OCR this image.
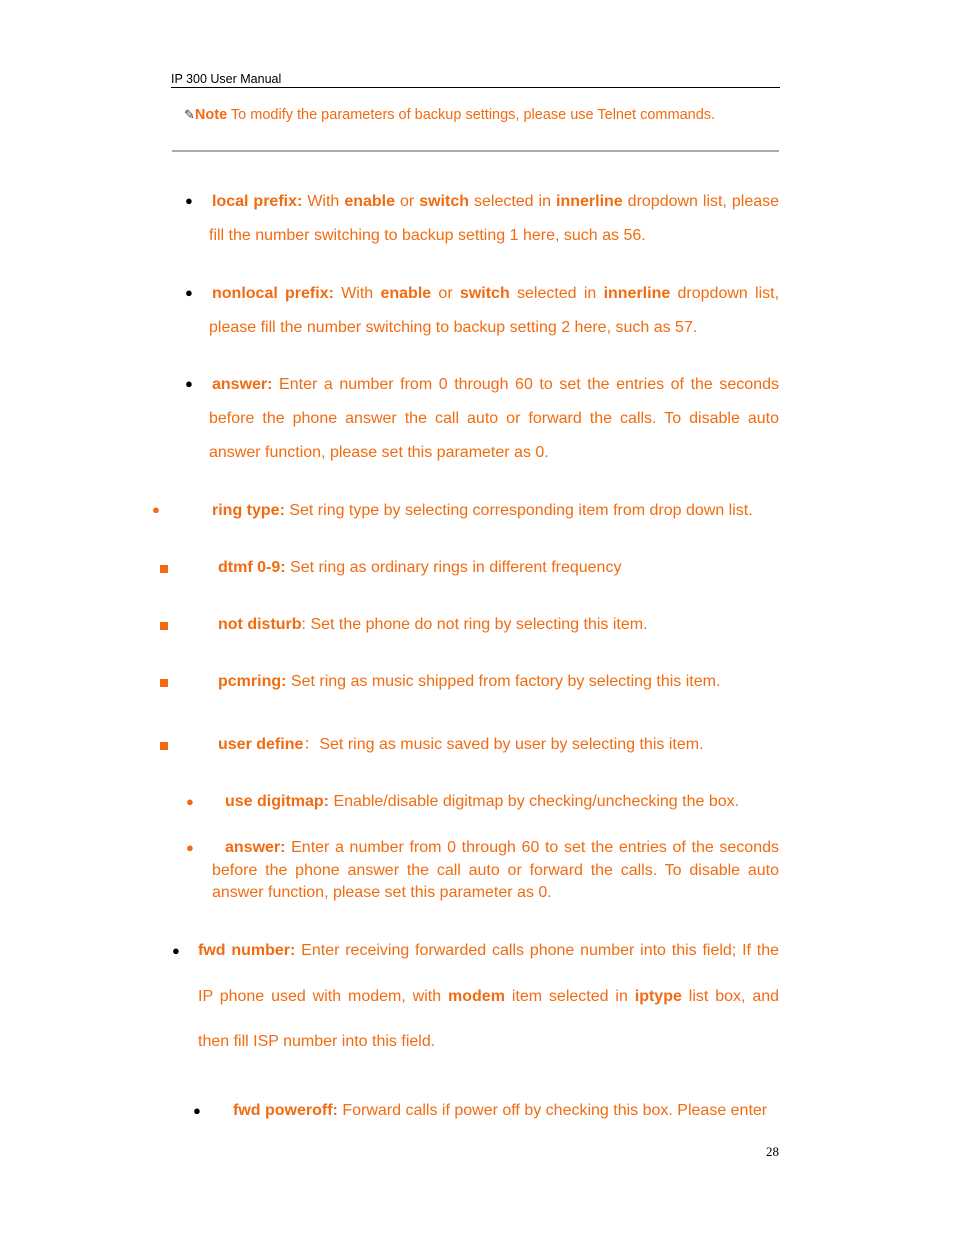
IP 300 User Manual
✎Note To modify the parameters of backup settings, please use Telnet commands.
● local prefix: With enable or switch selected in innerline dropdown list, please fill the number switching to backup setting 1 here, such as 56.
● nonlocal prefix: With enable or switch selected in innerline dropdown list, please fill the number switching to backup setting 2 here, such as 57.
● answer: Enter a number from 0 through 60 to set the entries of the seconds before the phone answer the call auto or forward the calls. To disable auto answer function, please set this parameter as 0.
●	ring type: Set ring type by selecting corresponding item from drop down list.
dtmf 0-9: Set ring as ordinary rings in different frequency
not disturb: Set the phone do not ring by selecting this item.
pcmring: Set ring as music shipped from factory by selecting this item.
user define：Set ring as music saved by user by selecting this item.
● use digitmap: Enable/disable digitmap by checking/unchecking the box.
●	answer: Enter a number from 0 through 60 to set the entries of the seconds before the phone answer the call auto or forward the calls. To disable auto answer function, please set this parameter as 0.
● fwd number: Enter receiving forwarded calls phone number into this field; If the IP phone used with modem, with modem item selected in iptype list box, and then fill ISP number into this field.
● fwd poweroff: Forward calls if power off by checking this box. Please enter
28
